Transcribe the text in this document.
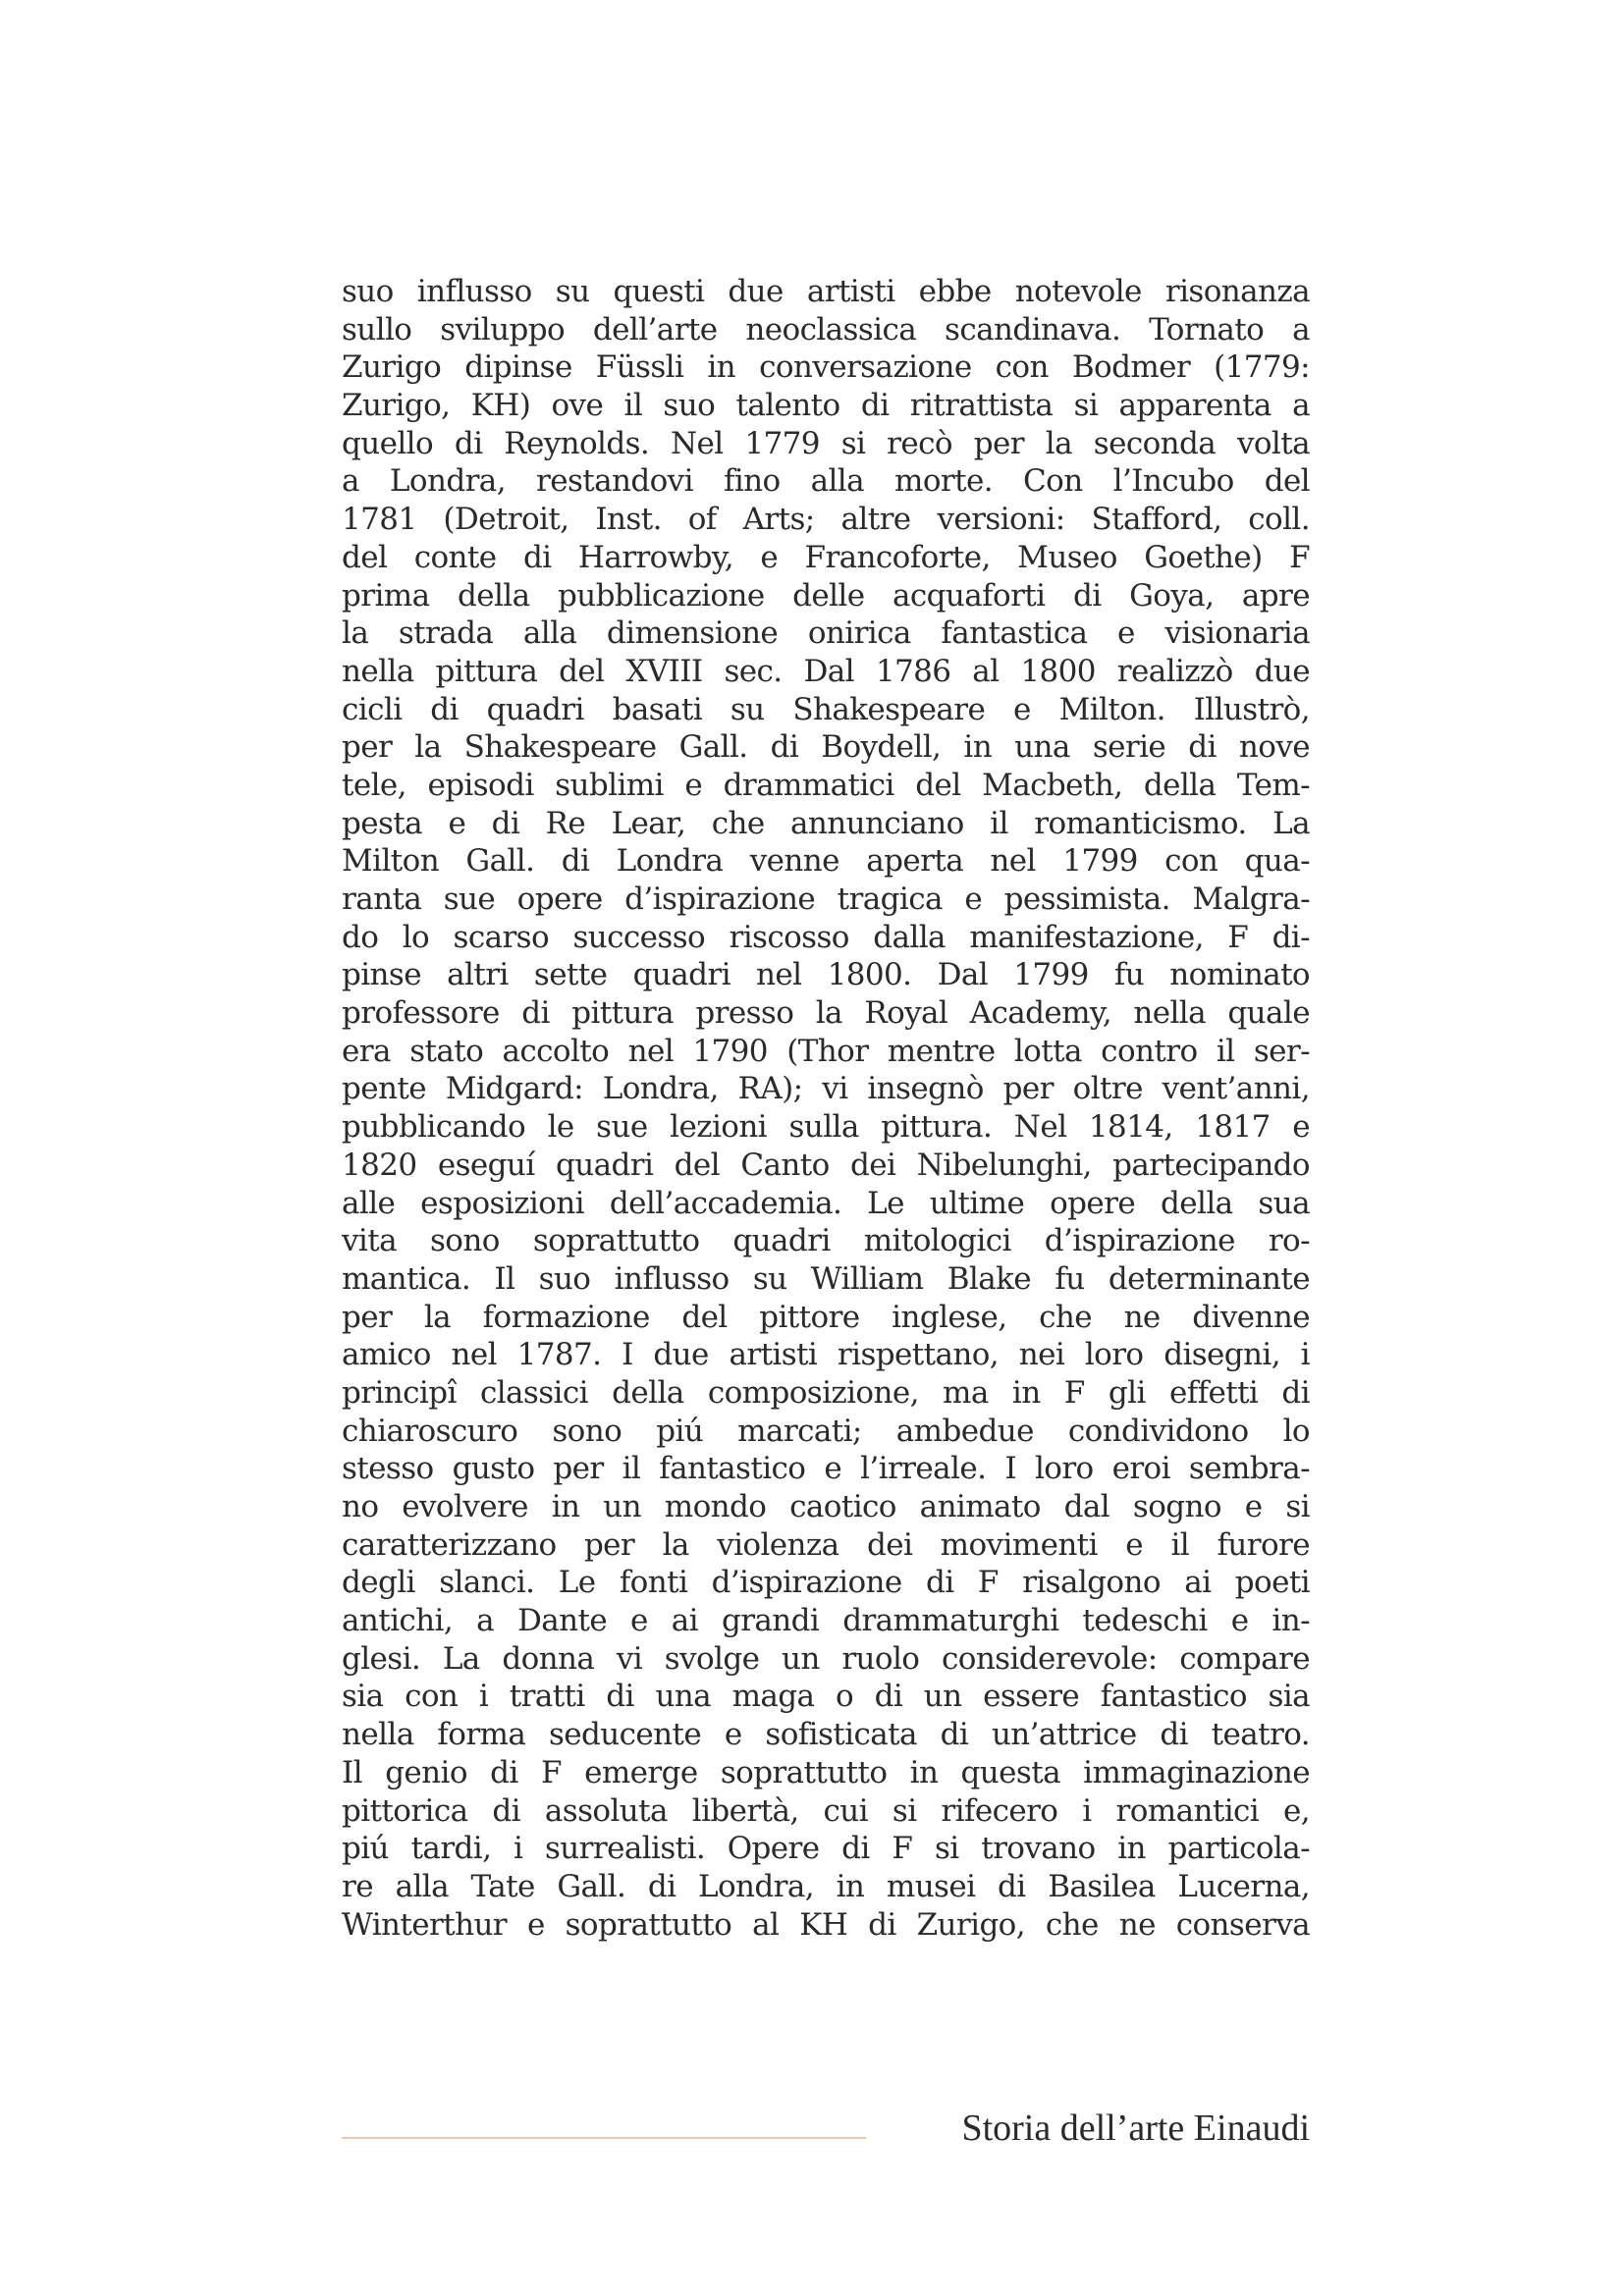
suo influsso su questi due artisti ebbe notevole risonanza
sullo sviluppo dell’arte neoclassica scandinava. Tornato a
Zurigo dipinse Füssli in conversazione con Bodmer (1779:
Zurigo, KH) ove il suo talento di ritrattista si apparenta a
quello di Reynolds. Nel 1779 si recò per la seconda volta
a Londra, restandovi fino alla morte. Con l’Incubo del
1781 (Detroit, Inst. of Arts; altre versioni: Stafford, coll.
del conte di Harrowby, e Francoforte, Museo Goethe) F
prima della pubblicazione delle acquaforti di Goya, apre
la strada alla dimensione onirica fantastica e visionaria
nella pittura del XVIII sec. Dal 1786 al 1800 realizzò due
cicli di quadri basati su Shakespeare e Milton. Illustrò,
per la Shakespeare Gall. di Boydell, in una serie di nove
tele, episodi sublimi e drammatici del Macbeth, della Tem-
pesta e di Re Lear, che annunciano il romanticismo. La
Milton Gall. di Londra venne aperta nel 1799 con qua-
ranta sue opere d’ispirazione tragica e pessimista. Malgra-
do lo scarso successo riscosso dalla manifestazione, F di-
pinse altri sette quadri nel 1800. Dal 1799 fu nominato
professore di pittura presso la Royal Academy, nella quale
era stato accolto nel 1790 (Thor mentre lotta contro il ser-
pente Midgard: Londra, RA); vi insegnò per oltre vent’anni,
pubblicando le sue lezioni sulla pittura. Nel 1814, 1817 e
1820 eseguí quadri del Canto dei Nibelunghi, partecipando
alle esposizioni dell’accademia. Le ultime opere della sua
vita sono soprattutto quadri mitologici d’ispirazione ro-
mantica. Il suo influsso su William Blake fu determinante
per la formazione del pittore inglese, che ne divenne
amico nel 1787. I due artisti rispettano, nei loro disegni, i
principî classici della composizione, ma in F gli effetti di
chiaroscuro sono piú marcati; ambedue condividono lo
stesso gusto per il fantastico e l’irreale. I loro eroi sembra-
no evolvere in un mondo caotico animato dal sogno e si
caratterizzano per la violenza dei movimenti e il furore
degli slanci. Le fonti d’ispirazione di F risalgono ai poeti
antichi, a Dante e ai grandi drammaturghi tedeschi e in-
glesi. La donna vi svolge un ruolo considerevole: compare
sia con i tratti di una maga o di un essere fantastico sia
nella forma seducente e sofisticata di un’attrice di teatro.
Il genio di F emerge soprattutto in questa immaginazione
pittorica di assoluta libertà, cui si rifecero i romantici e,
piú tardi, i surrealisti. Opere di F si trovano in particola-
re alla Tate Gall. di Londra, in musei di Basilea Lucerna,
Winterthur e soprattutto al KH di Zurigo, che ne conserva
Storia dell’arte Einaudi
